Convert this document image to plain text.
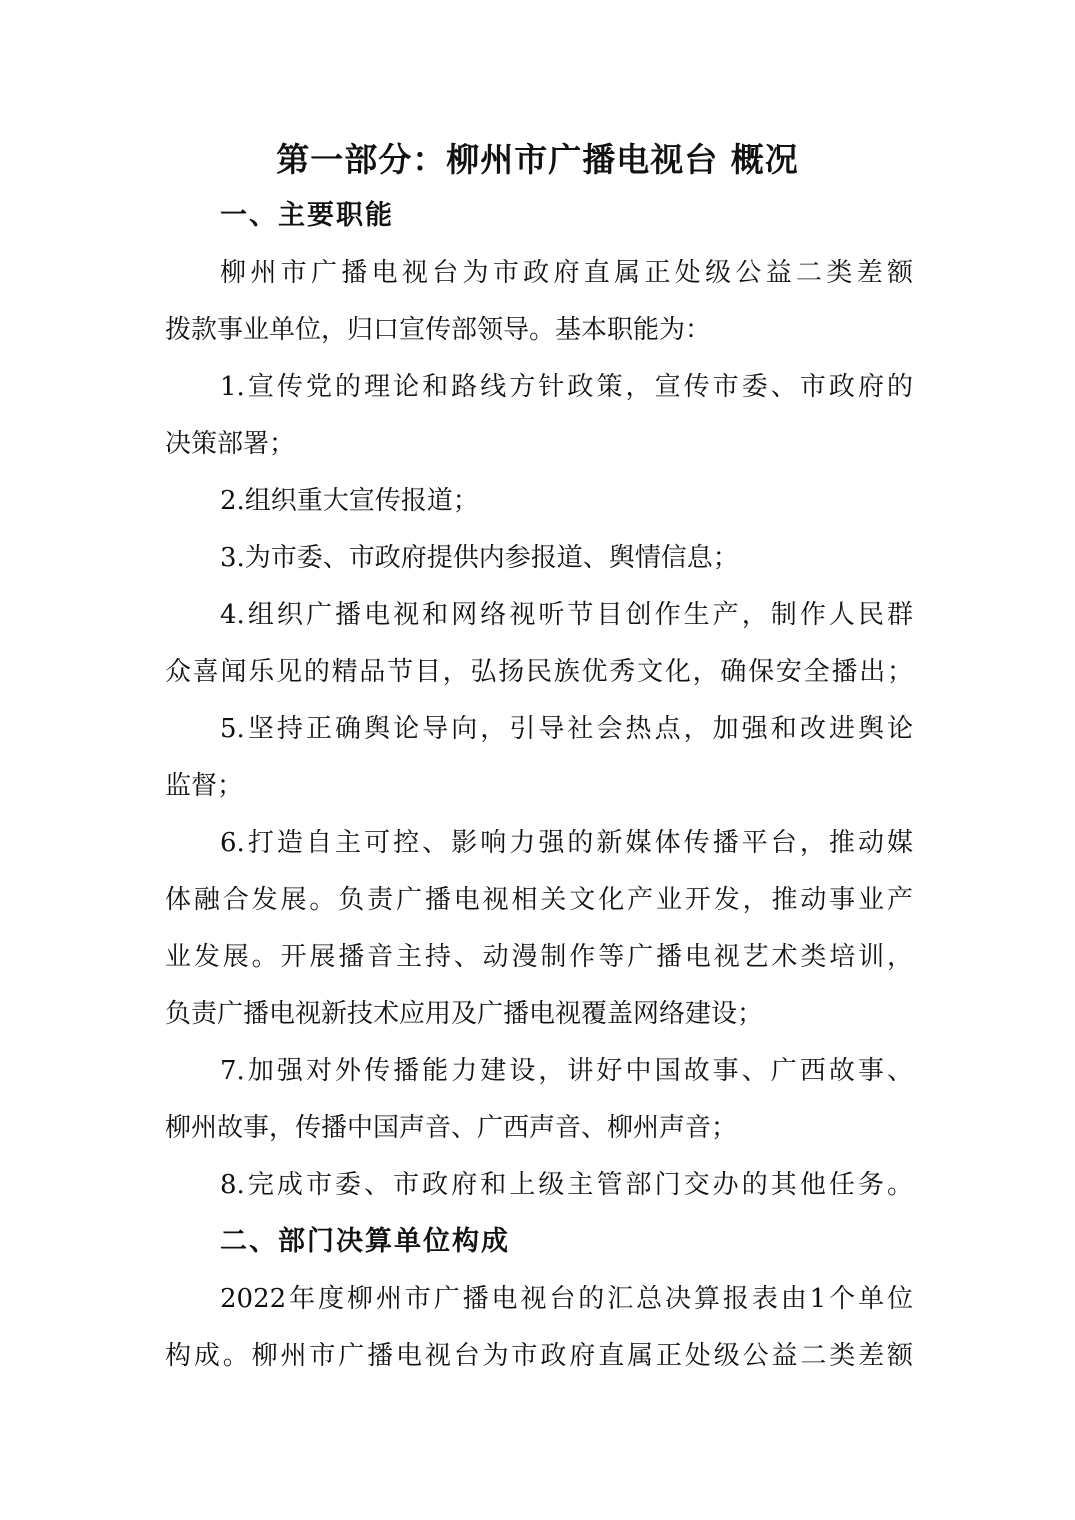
第一部分：柳州市广播电视台 概况
一、主要职能
柳州市广播电视台为市政府直属正处级公益二类差额
拨款事业单位，归口宣传部领导。基本职能为：
1.宣传党的理论和路线方针政策，宣传市委、市政府的
决策部署；
2.组织重大宣传报道；
3.为市委、市政府提供内参报道、舆情信息；
4.组织广播电视和网络视听节目创作生产，制作人民群
众喜闻乐见的精品节目，弘扬民族优秀文化，确保安全播出；
5.坚持正确舆论导向，引导社会热点，加强和改进舆论
监督；
6.打造自主可控、影响力强的新媒体传播平台，推动媒
体融合发展。负责广播电视相关文化产业开发，推动事业产
业发展。开展播音主持、动漫制作等广播电视艺术类培训，
负责广播电视新技术应用及广播电视覆盖网络建设；
7.加强对外传播能力建设，讲好中国故事、广西故事、
柳州故事，传播中国声音、广西声音、柳州声音；
8.完成市委、市政府和上级主管部门交办的其他任务。
二、部门决算单位构成
2022年度柳州市广播电视台的汇总决算报表由1个单位
构成。柳州市广播电视台为市政府直属正处级公益二类差额
